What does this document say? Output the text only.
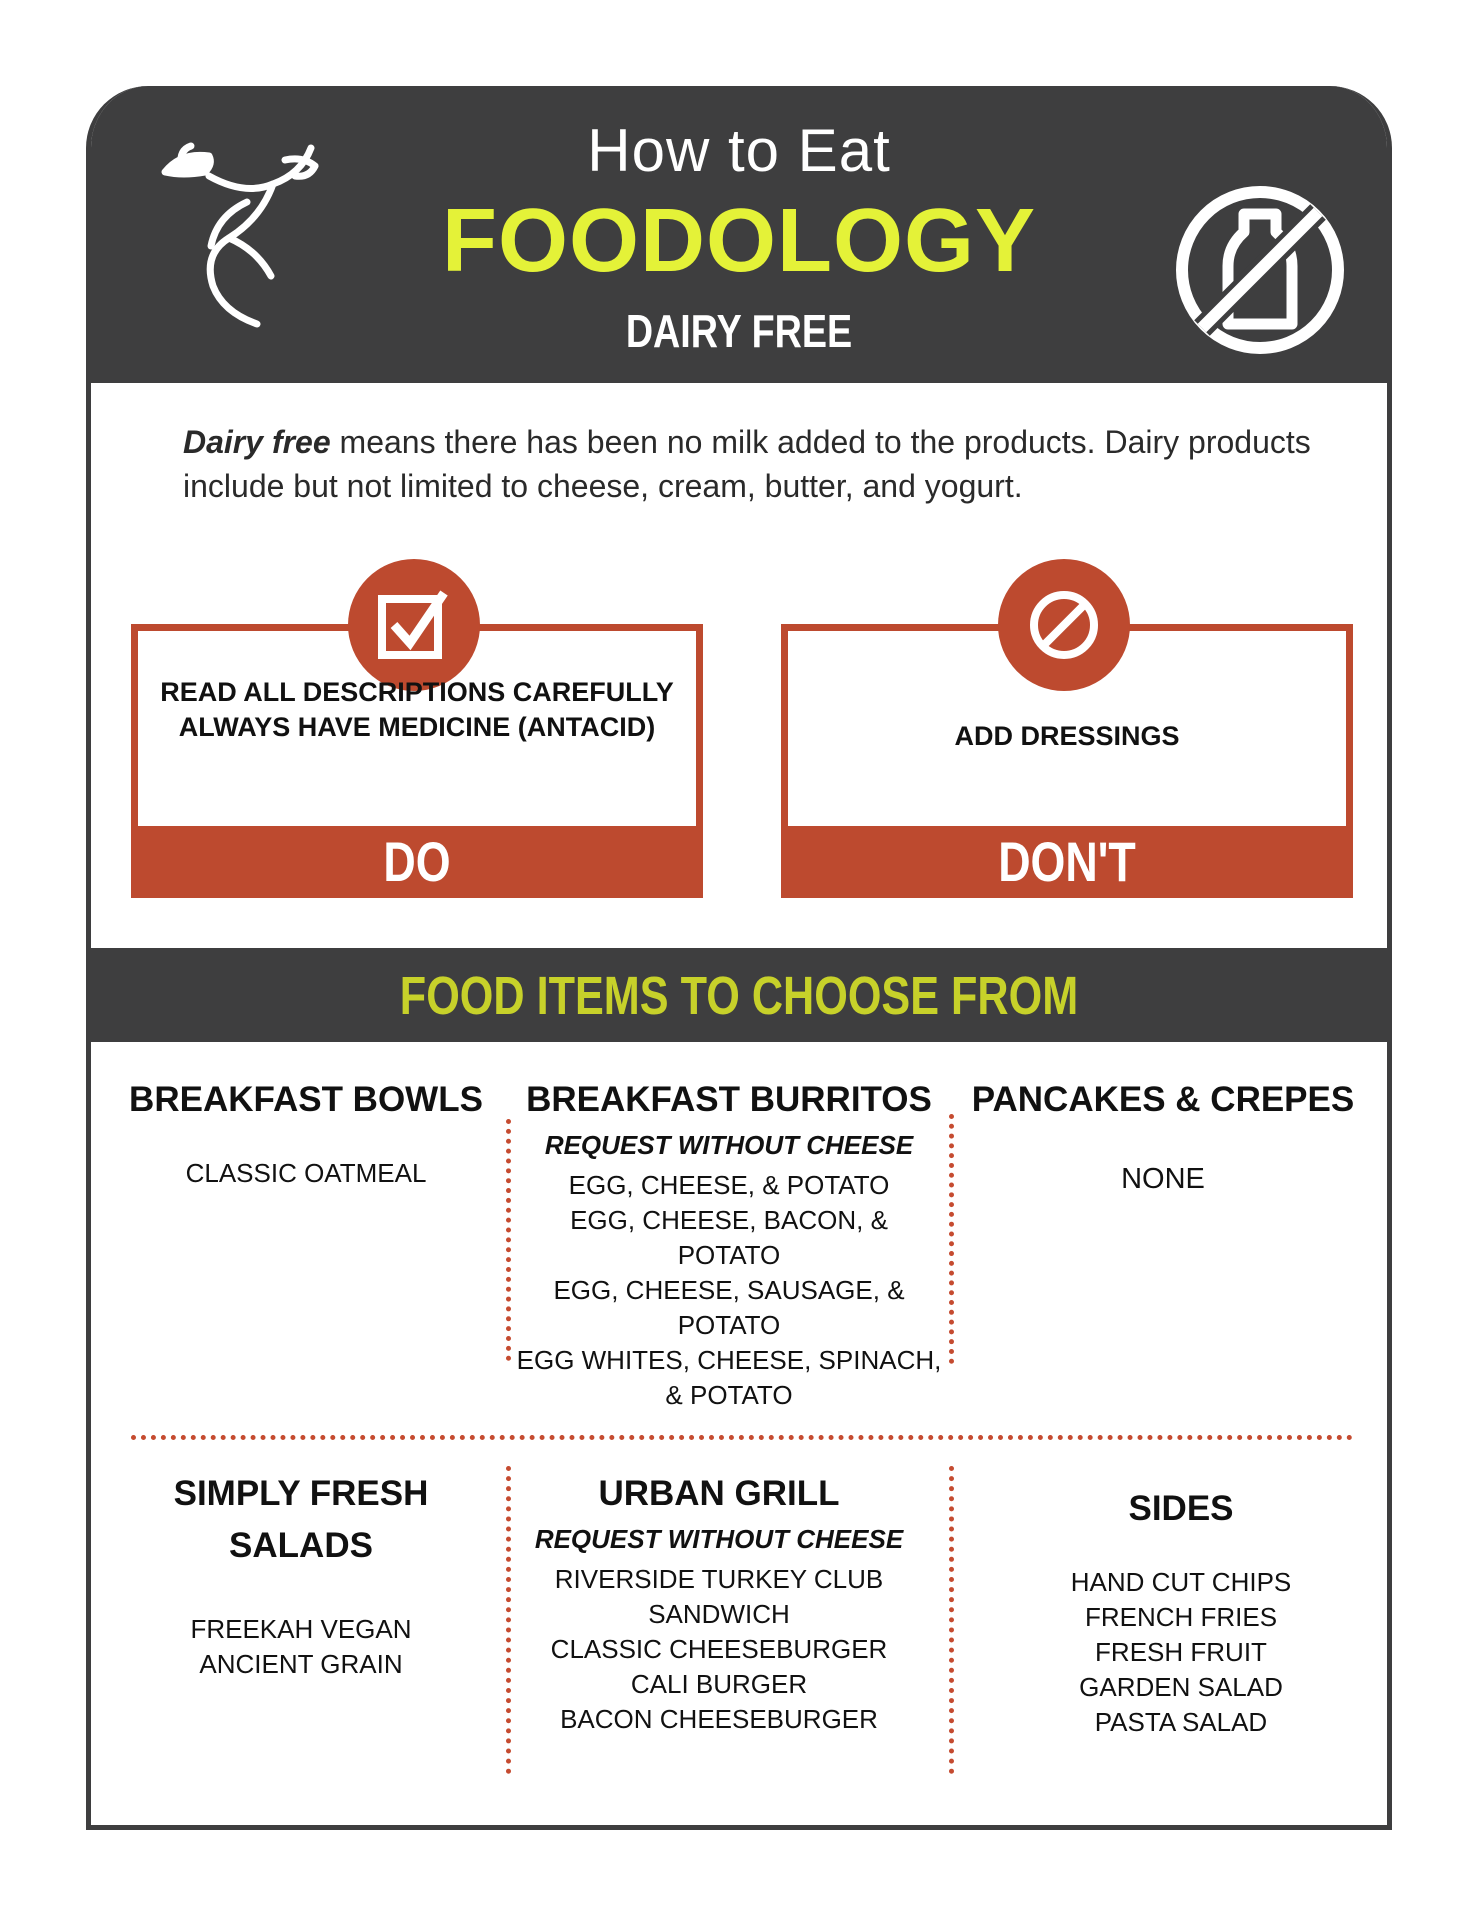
How to Eat
FOODOLOGY
DAIRY FREE
Dairy free means there has been no milk added to the products. Dairy products include but not limited to cheese, cream, butter, and yogurt.
READ ALL DESCRIPTIONS CAREFULLY
ALWAYS HAVE MEDICINE (ANTACID)
DO
ADD DRESSINGS
DON'T
FOOD ITEMS TO CHOOSE FROM
BREAKFAST BOWLS
CLASSIC OATMEAL
BREAKFAST BURRITOS
REQUEST WITHOUT CHEESE
EGG, CHEESE, & POTATO
EGG, CHEESE, BACON, &
POTATO
EGG, CHEESE, SAUSAGE, &
POTATO
EGG WHITES, CHEESE, SPINACH,
& POTATO
PANCAKES & CREPES
NONE
SIMPLY FRESH SALADS
FREEKAH VEGAN
ANCIENT GRAIN
URBAN GRILL
REQUEST WITHOUT CHEESE
RIVERSIDE TURKEY CLUB
SANDWICH
CLASSIC CHEESEBURGER
CALI BURGER
BACON CHEESEBURGER
SIDES
HAND CUT CHIPS
FRENCH FRIES
FRESH FRUIT
GARDEN SALAD
PASTA SALAD
